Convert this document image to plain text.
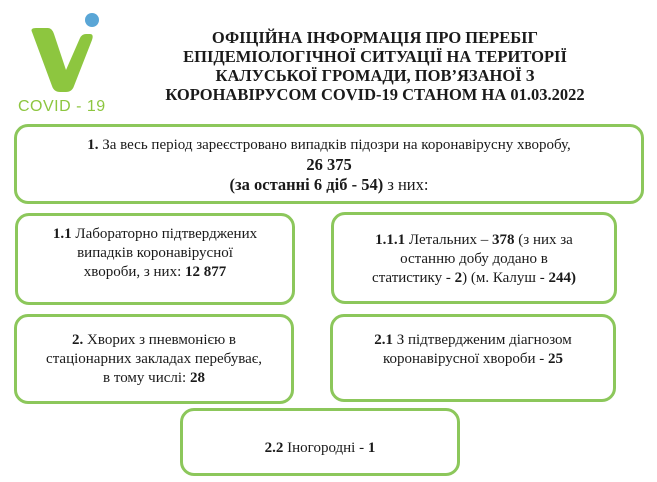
COVID - 19
ОФІЦІЙНА ІНФОРМАЦІЯ ПРО ПЕРЕБІГ
ЕПІДЕМІОЛОГІЧНОЇ СИТУАЦІЇ НА ТЕРИТОРІЇ
КАЛУСЬКОЇ ГРОМАДИ, ПОВ’ЯЗАНОЇ З
КОРОНАВІРУСОМ COVID-19 СТАНОМ НА 01.03.2022
1. За весь період зареєстровано випадків підозри на коронавірусну хворобу,
26 375
(за останні 6 діб - 54) з них:
1.1 Лабораторно підтверджених
випадків коронавірусної
хвороби, з них: 12 877
1.1.1 Летальних – 378 (з них за
останню добу додано в
статистику - 2) (м. Калуш - 244)
2. Хворих з пневмонією в
стаціонарних закладах перебуває,
в тому числі: 28
2.1 З підтвердженим діагнозом
коронавірусної хвороби - 25
2.2 Іногородні - 1
